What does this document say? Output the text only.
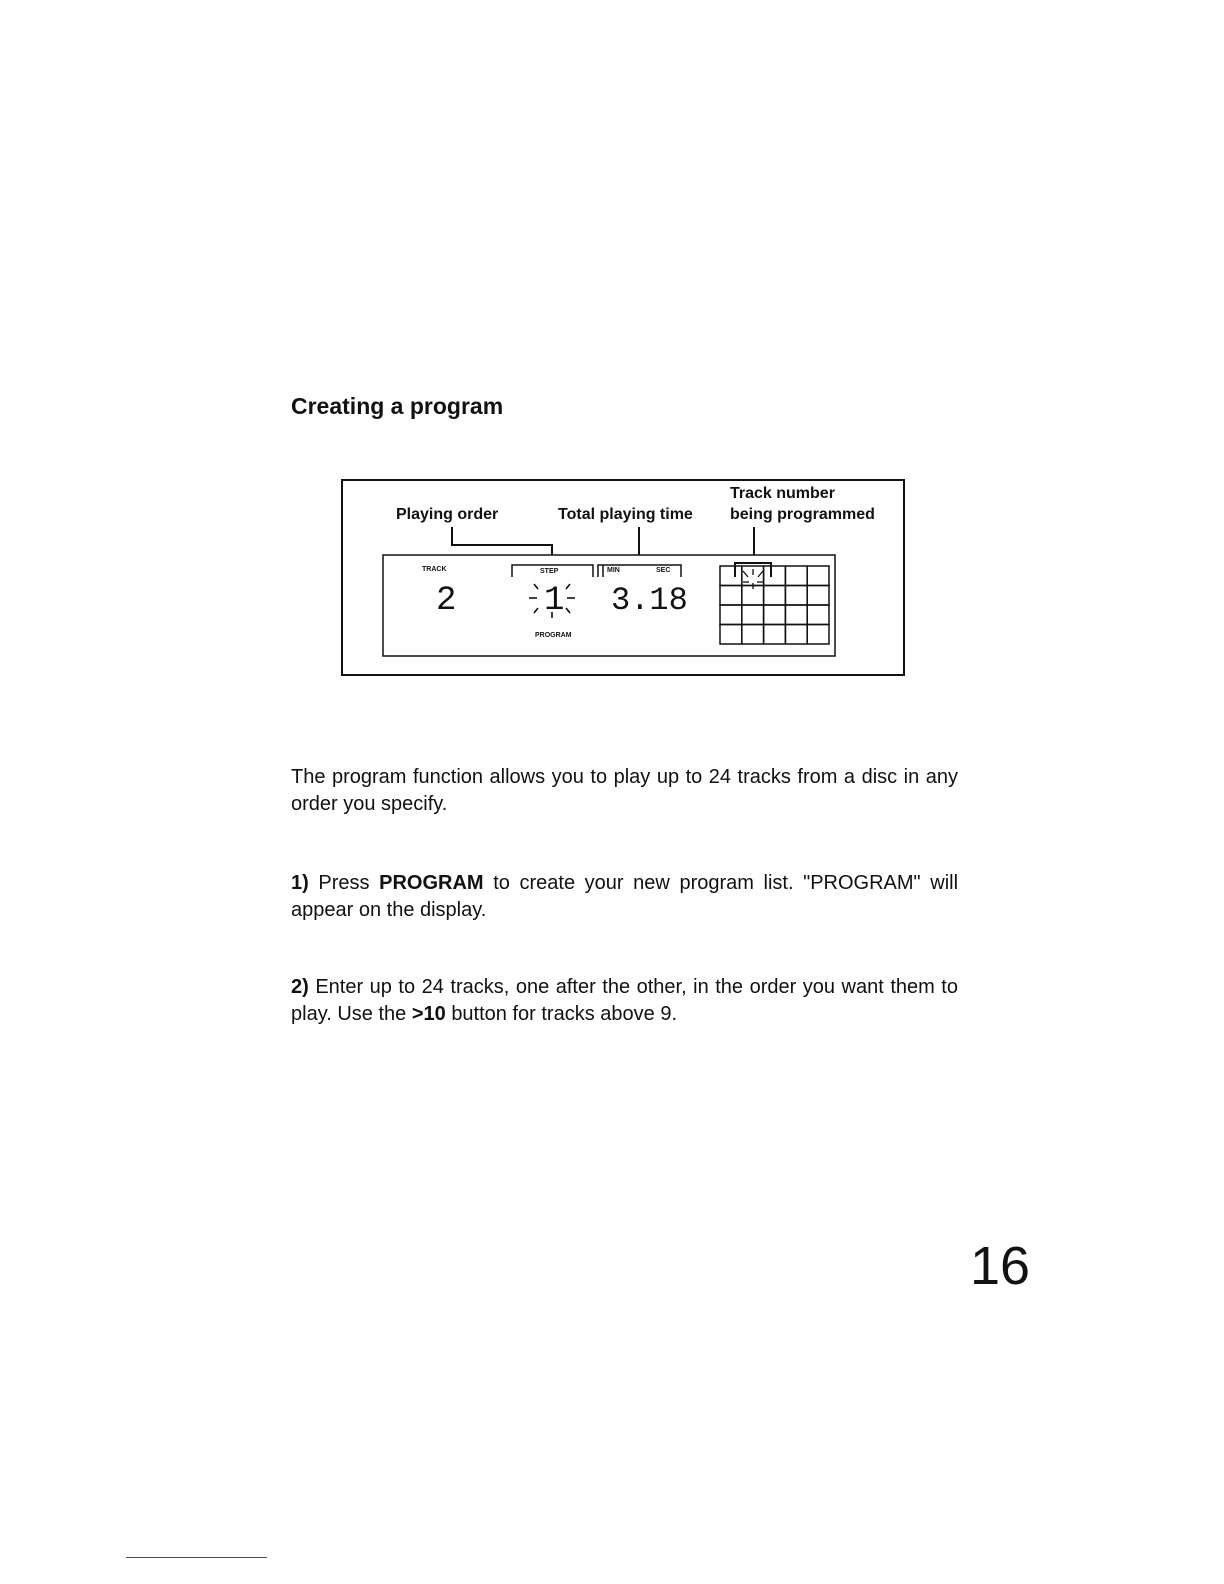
Creating a program
Playing order	Total playing time
Track number
being programmed
TRACK
2
STEP
1
PROGRAM
MIN	SEC
3.18

The program function allows you to play up to 24 tracks from a disc in any order you specify.

1) Press PROGRAM to create your new program list. "PROGRAM" will appear on the display.

2) Enter up to 24 tracks, one after the other, in the order you want them to play. Use the >10 button for tracks above 9.

16
